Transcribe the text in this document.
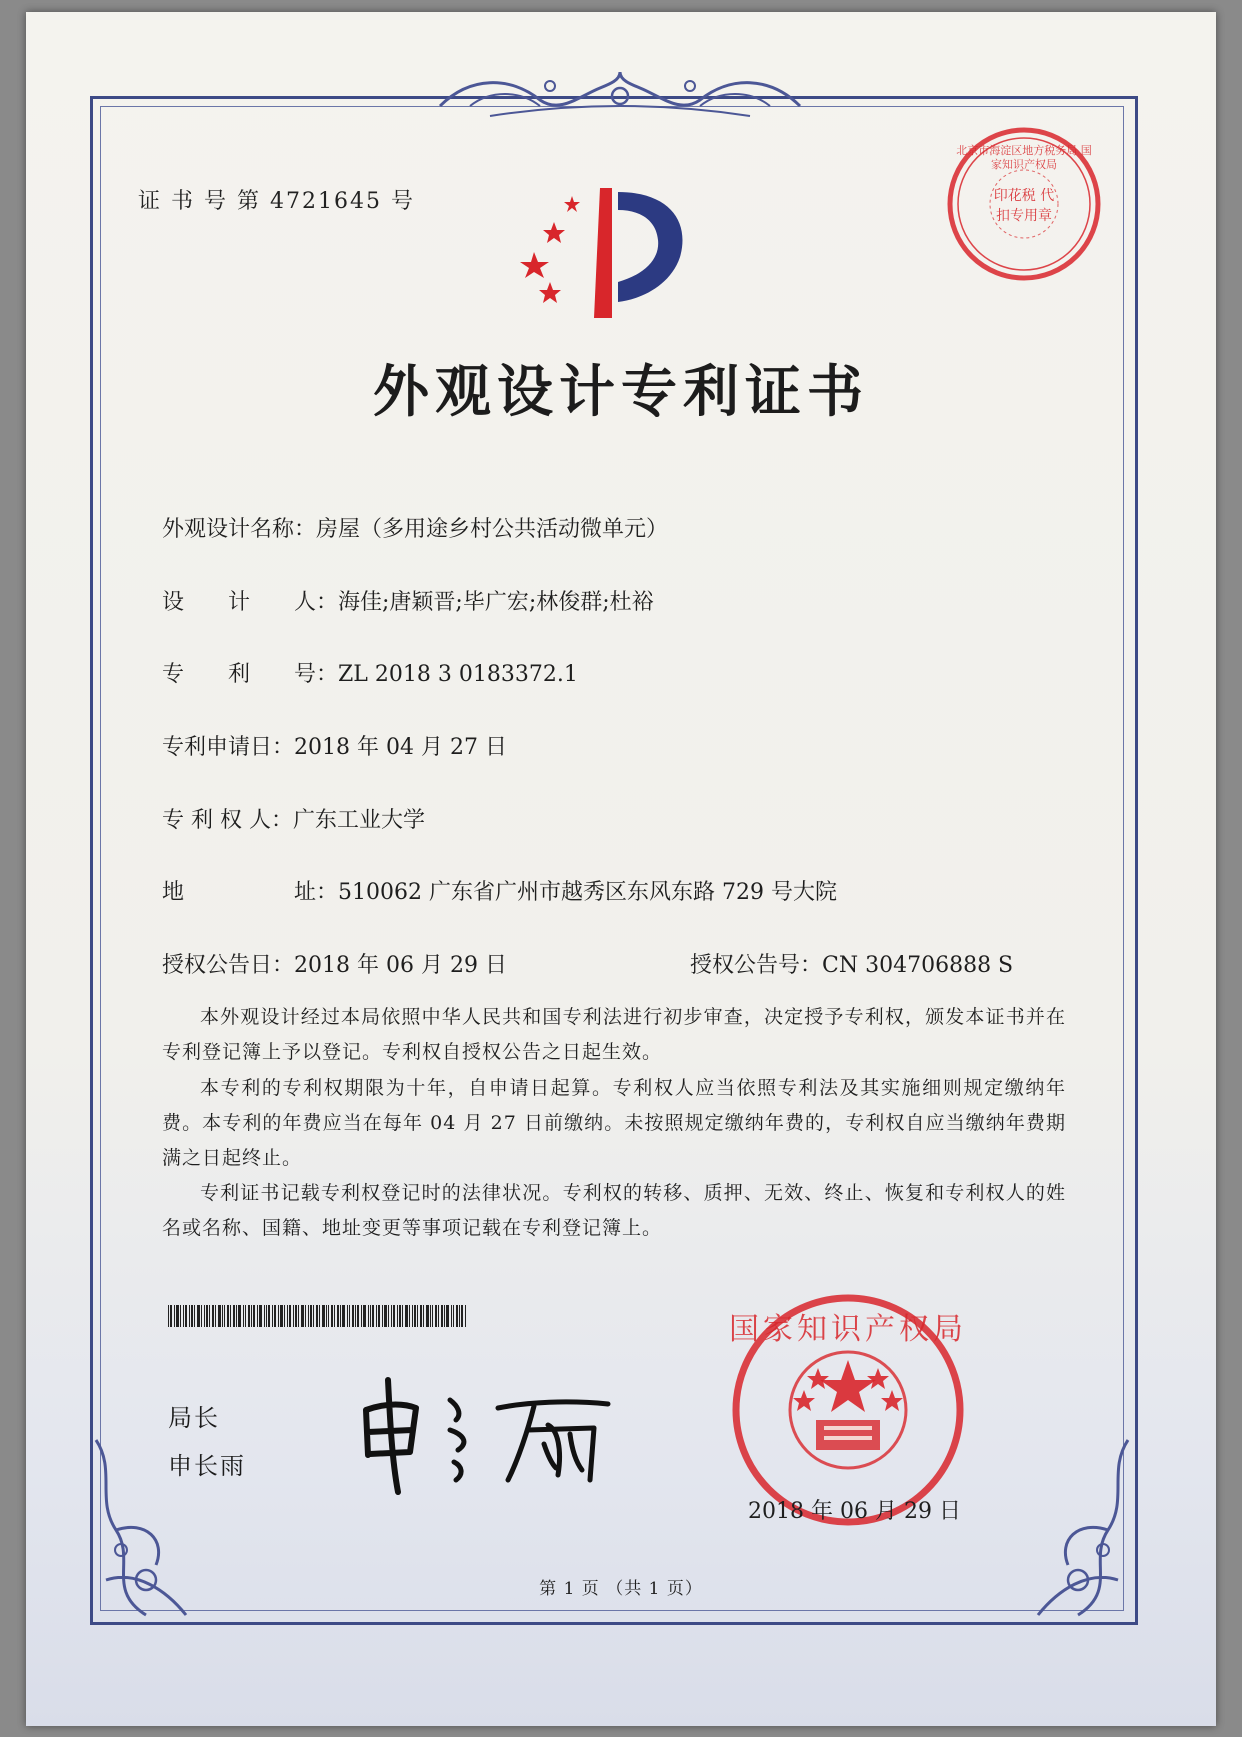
证 书 号 第 4721645 号
外观设计专利证书
外观设计名称：房屋（多用途乡村公共活动微单元）
设　　计　　人：海佳;唐颖晋;毕广宏;林俊群;杜裕
专　　利　　号：ZL 2018 3 0183372.1
专利申请日：2018 年 04 月 27 日
专 利 权 人：广东工业大学
地　　　　　址：510062 广东省广州市越秀区东风东路 729 号大院
授权公告日：2018 年 06 月 29 日	授权公告号：CN 304706888 S
本外观设计经过本局依照中华人民共和国专利法进行初步审查，决定授予专利权，颁发本证书并在专利登记簿上予以登记。专利权自授权公告之日起生效。
本专利的专利权期限为十年，自申请日起算。专利权人应当依照专利法及其实施细则规定缴纳年费。本专利的年费应当在每年 04 月 27 日前缴纳。未按照规定缴纳年费的，专利权自应当缴纳年费期满之日起终止。
专利证书记载专利权登记时的法律状况。专利权的转移、质押、无效、终止、恢复和专利权人的姓名或名称、国籍、地址变更等事项记载在专利登记簿上。
局长
申长雨
国家知识产权局
2018 年 06 月 29 日
第 1 页 （共 1 页）
北京市海淀区地方税务局 国家知识产权局
印花税 代扣专用章
